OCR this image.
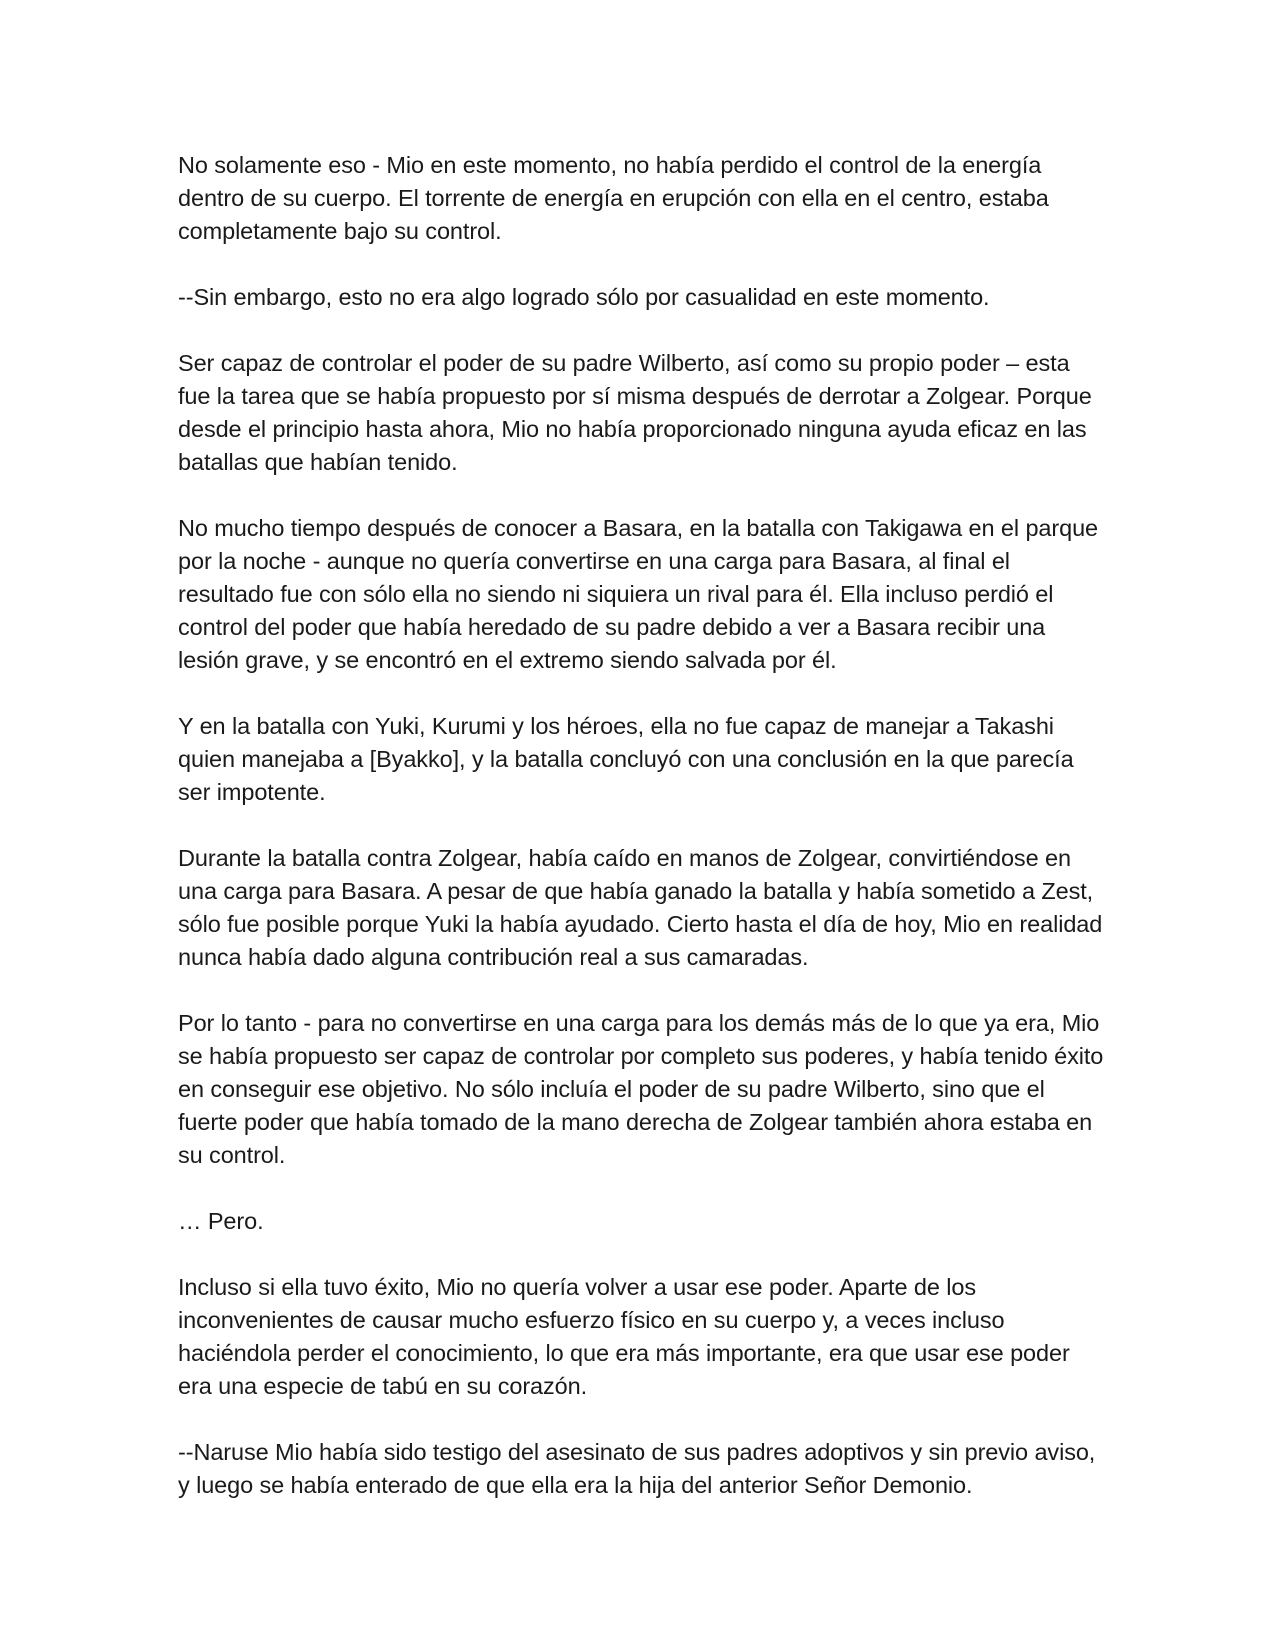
No solamente eso - Mio en este momento, no había perdido el control de la energía dentro de su cuerpo. El torrente de energía en erupción con ella en el centro, estaba completamente bajo su control.

--Sin embargo, esto no era algo logrado sólo por casualidad en este momento.

Ser capaz de controlar el poder de su padre Wilberto, así como su propio poder – esta fue la tarea que se había propuesto por sí misma después de derrotar a Zolgear. Porque desde el principio hasta ahora, Mio no había proporcionado ninguna ayuda eficaz en las batallas que habían tenido.

No mucho tiempo después de conocer a Basara, en la batalla con Takigawa en el parque por la noche - aunque no quería convertirse en una carga para Basara, al final el resultado fue con sólo ella no siendo ni siquiera un rival para él. Ella incluso perdió el control del poder que había heredado de su padre debido a ver a Basara recibir una lesión grave, y se encontró en el extremo siendo salvada por él.

Y en la batalla con Yuki, Kurumi y los héroes, ella no fue capaz de manejar a Takashi quien manejaba a [Byakko], y la batalla concluyó con una conclusión en la que parecía ser impotente.

Durante la batalla contra Zolgear, había caído en manos de Zolgear, convirtiéndose en una carga para Basara. A pesar de que había ganado la batalla y había sometido a Zest, sólo fue posible porque Yuki la había ayudado. Cierto hasta el día de hoy, Mio en realidad nunca había dado alguna contribución real a sus camaradas.

Por lo tanto - para no convertirse en una carga para los demás más de lo que ya era, Mio se había propuesto ser capaz de controlar por completo sus poderes, y había tenido éxito en conseguir ese objetivo. No sólo incluía el poder de su padre Wilberto, sino que el fuerte poder que había tomado de la mano derecha de Zolgear también ahora estaba en su control.

… Pero.

Incluso si ella tuvo éxito, Mio no quería volver a usar ese poder. Aparte de los inconvenientes de causar mucho esfuerzo físico en su cuerpo y, a veces incluso haciéndola perder el conocimiento, lo que era más importante, era que usar ese poder era una especie de tabú en su corazón.

--Naruse Mio había sido testigo del asesinato de sus padres adoptivos y sin previo aviso, y luego se había enterado de que ella era la hija del anterior Señor Demonio.
